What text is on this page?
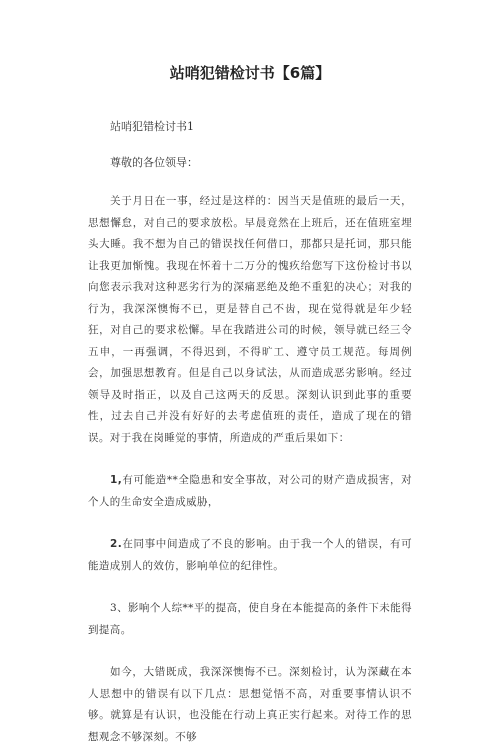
站哨犯错检讨书【6篇】

站哨犯错检讨书1

尊敬的各位领导：

关于月日在一事，经过是这样的：因当天是值班的最后一天，思想懈怠，对自己的要求放松。早晨竟然在上班后，还在值班室埋头大睡。我不想为自己的错误找任何借口，那都只是托词，那只能让我更加惭愧。我现在怀着十二万分的愧疚给您写下这份检讨书以向您表示我对这种恶劣行为的深痛恶绝及绝不重犯的决心；对我的行为，我深深懊悔不已，更是替自己不齿，现在觉得就是年少轻狂，对自己的要求松懈。早在我踏进公司的时候，领导就已经三令五申，一再强调，不得迟到，不得旷工、遵守员工规范。每周例会，加强思想教育。但是自己以身试法，从而造成恶劣影响。经过领导及时指正，以及自己这两天的反思。深刻认识到此事的重要性，过去自己并没有好好的去考虑值班的责任，造成了现在的错误。对于我在岗睡觉的事情，所造成的严重后果如下：

1,有可能造**全隐患和安全事故，对公司的财产造成损害，对个人的生命安全造成威胁，

2.在同事中间造成了不良的影响。由于我一个人的错误，有可能造成别人的效仿，影响单位的纪律性。

3、影响个人综**平的提高，使自身在本能提高的条件下未能得到提高。

如今，大错既成，我深深懊悔不已。深刻检讨，认为深藏在本人思想中的错误有以下几点：思想觉悟不高，对重要事情认识不够。就算是有认识，也没能在行动上真正实行起来。对待工作的思想观念不够深刻。不够
